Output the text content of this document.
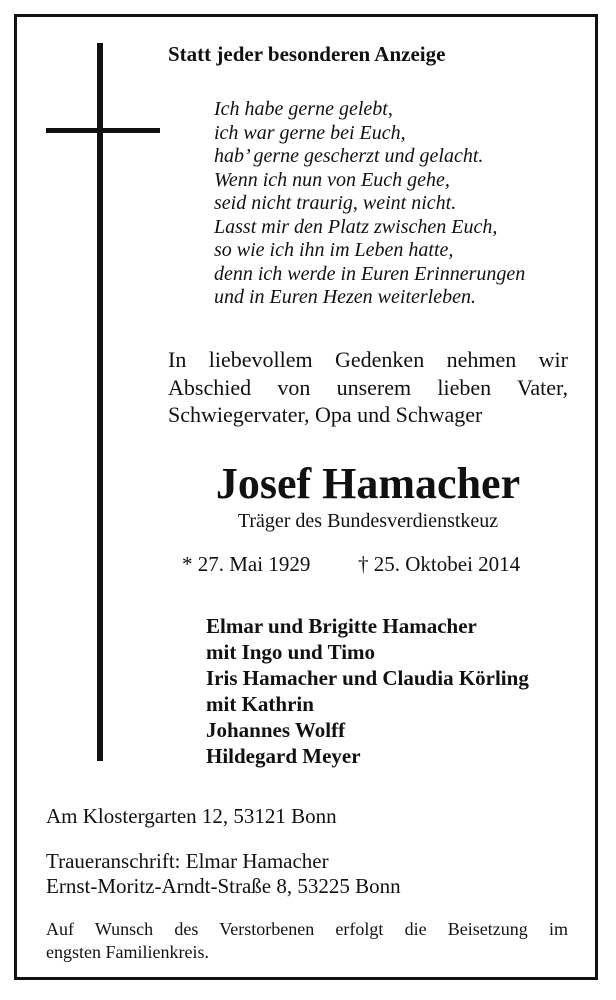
Statt jeder besonderen Anzeige
Ich habe gerne gelebt,
ich war gerne bei Euch,
hab’ gerne gescherzt und gelacht.
Wenn ich nun von Euch gehe,
seid nicht traurig, weint nicht.
Lasst mir den Platz zwischen Euch,
so wie ich ihn im Leben hatte,
denn ich werde in Euren Erinnerungen
und in Euren Hezen weiterleben.
In liebevollem Gedenken nehmen wir
Abschied von unserem lieben Vater,
Schwiegervater, Opa und Schwager
Josef Hamacher
Träger des Bundesverdienstkeuz
* 27. Mai 1929 † 25. Oktobei 2014
Elmar und Brigitte Hamacher
mit Ingo und Timo
Iris Hamacher und Claudia Körling
mit Kathrin
Johannes Wolff
Hildegard Meyer
Am Klostergarten 12, 53121 Bonn
Traueranschrift: Elmar Hamacher
Ernst-Moritz-Arndt-Straße 8, 53225 Bonn
Auf Wunsch des Verstorbenen erfolgt die Beisetzung im
engsten Familienkreis.
